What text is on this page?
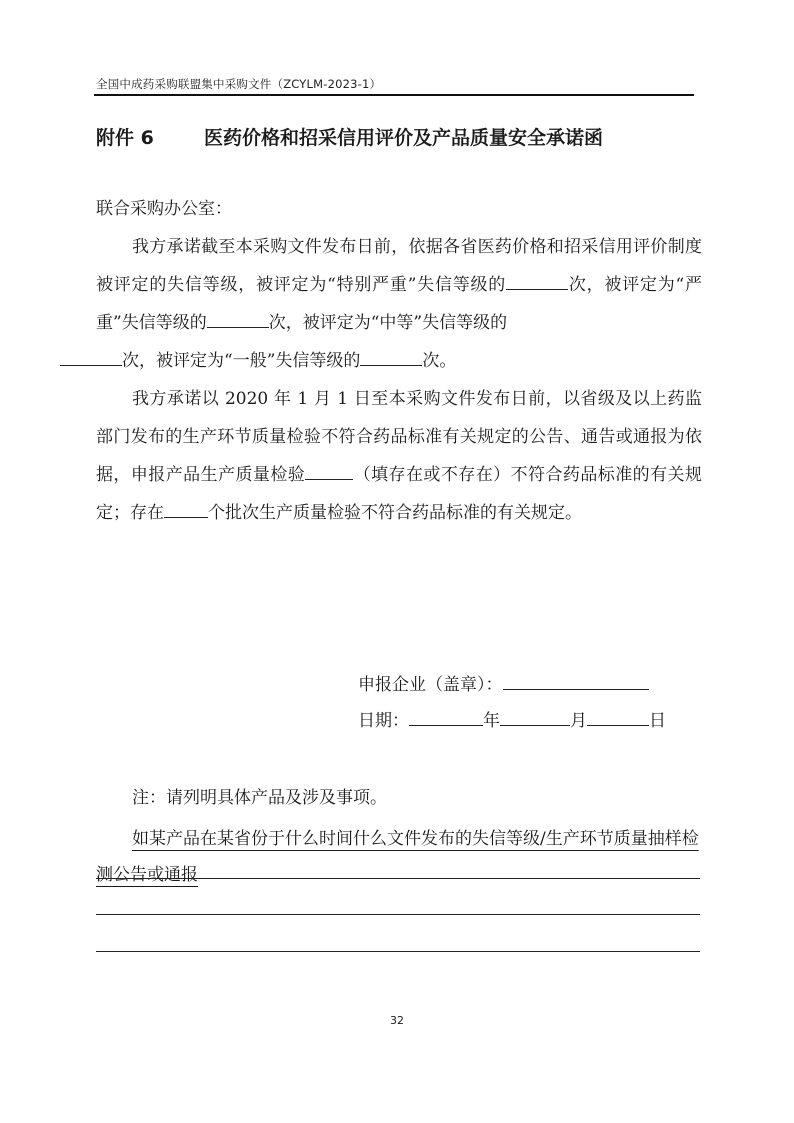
全国中成药采购联盟集中采购文件（ZCYLM-2023-1）
附件 6	医药价格和招采信用评价及产品质量安全承诺函
联合采购办公室：

我方承诺截至本采购文件发布日前，依据各省医药价格和招采信用评价制度被评定的失信等级，被评定为“特别严重”失信等级的	次，被评定为“严重”失信等级的	次，被评定为“中等”失信等级的
次，被评定为“一般”失信等级的	次。

我方承诺以 2020 年 1 月 1 日至本采购文件发布日前，以省级及以上药监部门发布的生产环节质量检验不符合药品标准有关规定的公告、通告或通报为依据，申报产品生产质量检验	（填存在或不存在）不符合药品标准的有关规定；存在	个批次生产质量检验不符合药品标准的有关规定。

申报企业（盖章）：
日期：	年	月	日
注：请列明具体产品及涉及事项。
如某产品在某省份于什么时间什么文件发布的失信等级/生产环节质量抽样检测公告或通报
32
